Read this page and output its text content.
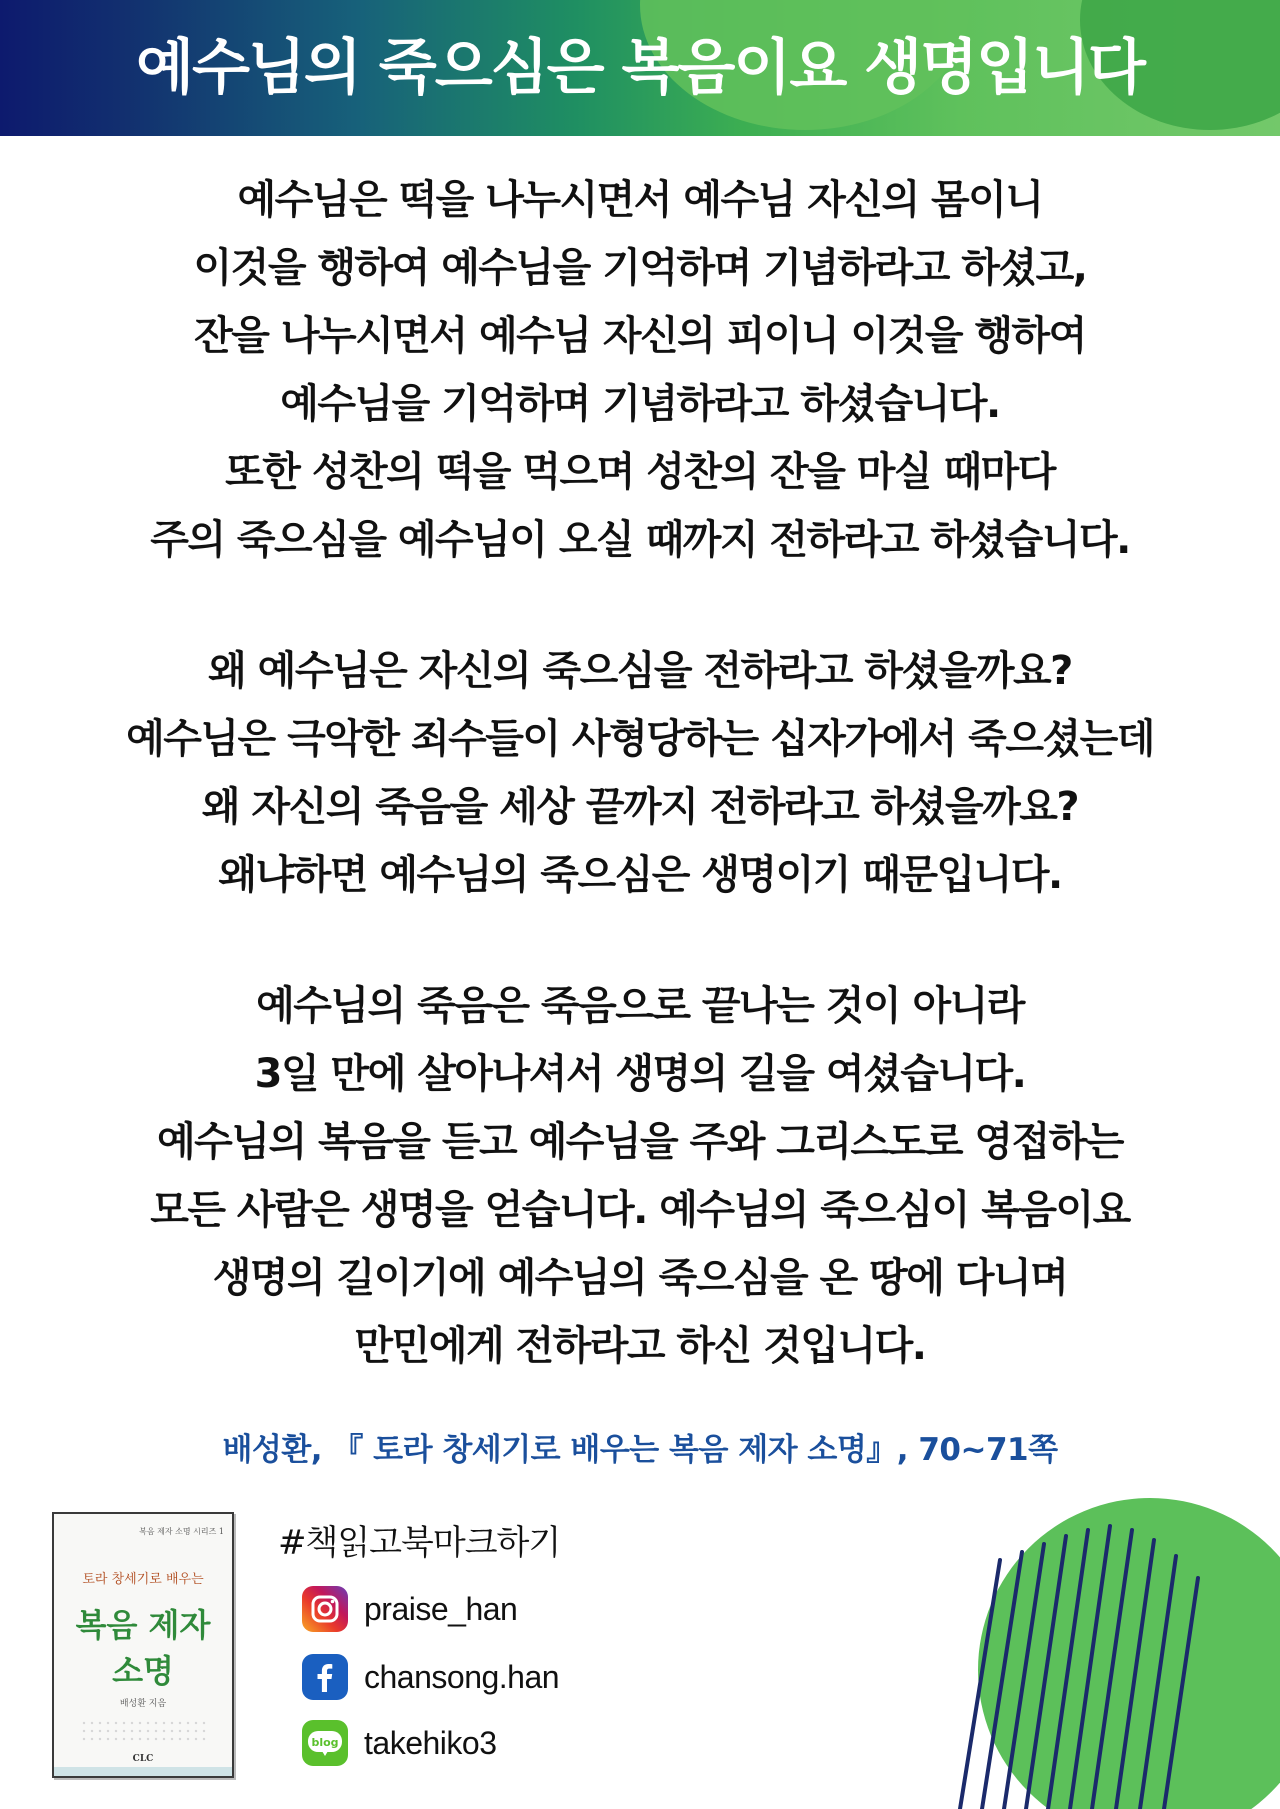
예수님의 죽으심은 복음이요 생명입니다
예수님은 떡을 나누시면서 예수님 자신의 몸이니
이것을 행하여 예수님을 기억하며 기념하라고 하셨고,
잔을 나누시면서 예수님 자신의 피이니 이것을 행하여
예수님을 기억하며 기념하라고 하셨습니다.
또한 성찬의 떡을 먹으며 성찬의 잔을 마실 때마다
주의 죽으심을 예수님이 오실 때까지 전하라고 하셨습니다.
왜 예수님은 자신의 죽으심을 전하라고 하셨을까요?
예수님은 극악한 죄수들이 사형당하는 십자가에서 죽으셨는데
왜 자신의 죽음을 세상 끝까지 전하라고 하셨을까요?
왜냐하면 예수님의 죽으심은 생명이기 때문입니다.
예수님의 죽음은 죽음으로 끝나는 것이 아니라
3일 만에 살아나셔서 생명의 길을 여셨습니다.
예수님의 복음을 듣고 예수님을 주와 그리스도로 영접하는
모든 사람은 생명을 얻습니다. 예수님의 죽으심이 복음이요
생명의 길이기에 예수님의 죽으심을 온 땅에 다니며
만민에게 전하라고 하신 것입니다.
배성환, 『 토라 창세기로 배우는 복음 제자 소명』, 70~71쪽
복음 제자 소명 시리즈 1
토라 창세기로 배우는
복음 제자
소명
배성환 지음
CLC
#책읽고북마크하기
praise_han
chansong.han
blog takehiko3
